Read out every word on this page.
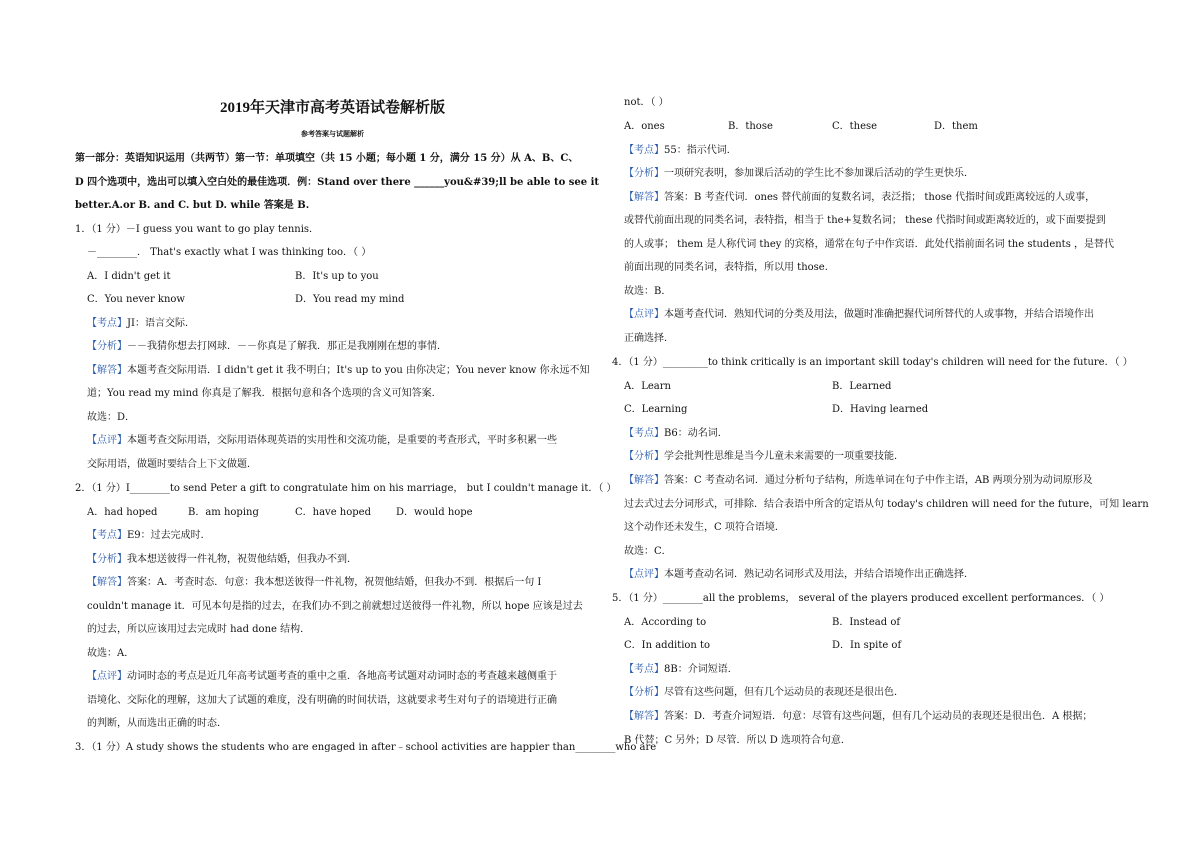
2019年天津市高考英语试卷解析版
参考答案与试题解析
第一部分：英语知识运用（共两节）第一节：单项填空（共 15 小题；每小题 1 分，满分 15 分）从 A、B、C、
D 四个选项中，选出可以填入空白处的最佳选项．例：Stand over there ______you&#39;ll be able to see it
better.A.or B. and C. but D. while 答案是 B.
1．（1 分）－I guess you want to go play tennis．
－________． That's exactly what I was thinking too．（ ）
A．I didn't get it	B．It's up to you
C．You never know	D．You read my mind
【考点】JI：语言交际．
【分析】－－我猜你想去打网球．－－你真是了解我．那正是我刚刚在想的事情．
【解答】本题考查交际用语．I didn't get it 我不明白；It's up to you 由你决定；You never know 你永远不知
道；You read my mind 你真是了解我．根据句意和各个选项的含义可知答案．
故选：D．
【点评】本题考查交际用语，交际用语体现英语的实用性和交流功能，是重要的考查形式，平时多积累一些
交际用语，做题时要结合上下文做题．
2．（1 分）I________to send Peter a gift to congratulate him on his marriage， but I couldn't manage it．（ ）
A．had hoped	B．am hoping	C．have hoped	D．would hope
【考点】E9：过去完成时．
【分析】我本想送彼得一件礼物，祝贺他结婚，但我办不到．
【解答】答案：A．考查时态．句意：我本想送彼得一件礼物，祝贺他结婚，但我办不到．根据后一句 I
couldn't manage it．可见本句是指的过去，在我们办不到之前就想过送彼得一件礼物，所以 hope 应该是过去
的过去，所以应该用过去完成时 had done 结构．
故选：A．
【点评】动词时态的考点是近几年高考试题考查的重中之重．各地高考试题对动词时态的考查越来越侧重于
语境化、交际化的理解，这加大了试题的难度，没有明确的时间状语，这就要求考生对句子的语境进行正确
的判断，从而选出正确的时态．
3．（1 分）A study shows the students who are engaged in after﹣school activities are happier than________who are
not．（ ）
A．ones	B．those	C．these	D．them
【考点】55：指示代词．
【分析】一项研究表明，参加课后活动的学生比不参加课后活动的学生更快乐．
【解答】答案：B 考查代词．ones 替代前面的复数名词，表泛指； those 代指时间或距离较远的人或事，
或替代前面出现的同类名词，表特指，相当于 the+复数名词； these 代指时间或距离较近的，或下面要提到
的人或事； them 是人称代词 they 的宾格，通常在句子中作宾语．此处代指前面名词 the students ，是替代
前面出现的同类名词，表特指，所以用 those.
故选：B．
【点评】本题考查代词．熟知代词的分类及用法，做题时准确把握代词所替代的人或事物，并结合语境作出
正确选择．
4．（1 分）_________to think critically is an important skill today's children will need for the future．（ ）
A．Learn	B．Learned
C．Learning	D．Having learned
【考点】B6：动名词．
【分析】学会批判性思维是当今儿童未来需要的一项重要技能．
【解答】答案：C 考查动名词．通过分析句子结构，所选单词在句子中作主语，AB 两项分别为动词原形及
过去式过去分词形式，可排除．结合表语中所含的定语从句 today's children will need for the future，可知 learn
这个动作还未发生，C 项符合语境．
故选：C．
【点评】本题考查动名词．熟记动名词形式及用法，并结合语境作出正确选择．
5．（1 分）________all the problems， several of the players produced excellent performances．（ ）
A．According to	B．Instead of
C．In addition to	D．In spite of
【考点】8B：介词短语．
【分析】尽管有这些问题，但有几个运动员的表现还是很出色．
【解答】答案：D．考查介词短语．句意：尽管有这些问题，但有几个运动员的表现还是很出色．A 根据；
B 代替；C 另外；D 尽管．所以 D 选项符合句意．
